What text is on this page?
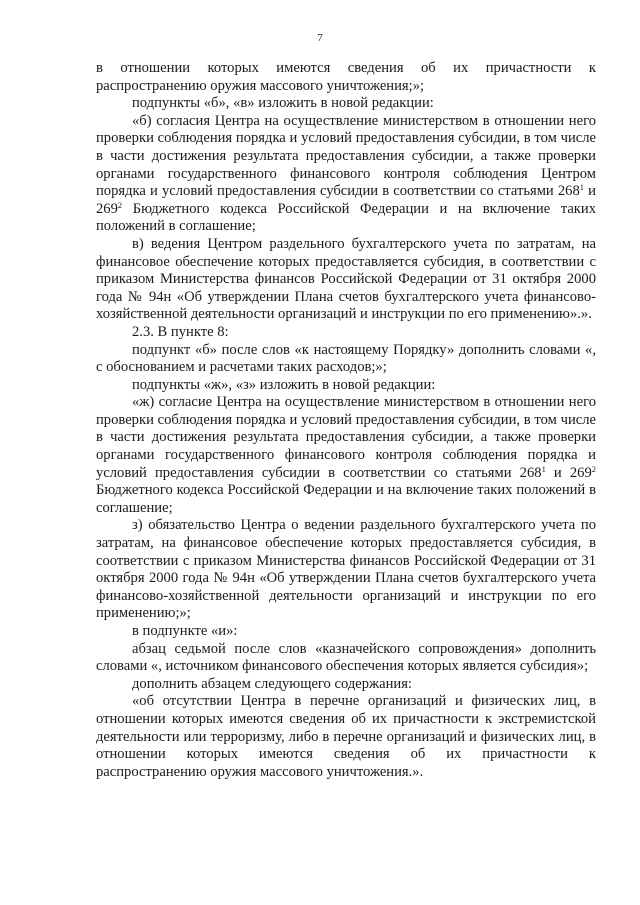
7

в отношении которых имеются сведения об их причастности к

распространению оружия массового уничтожения;»;

подпункты «б», «в» изложить в новой редакции:

«б) согласия Центра на осуществление министерством в отношении него проверки соблюдения порядка и условий предоставления субсидии, в том числе в части достижения результата предоставления субсидии, а также проверки органами государственного финансового контроля соблюдения Центром порядка и условий предоставления субсидии в соответствии со статьями $268^1$ и $269^2$ Бюджетного кодекса Российской Федерации и на включение таких положений в соглашение;

в) ведения Центром раздельного бухгалтерского учета по затратам, на финансовое обеспечение которых предоставляется субсидия, в соответствии с приказом Министерства финансов Российской Федерации от 31 октября 2000 года № 94н «Об утверждении Плана счетов бухгалтерского учета финансово-хозяйственной деятельности организаций и инструкции по его применению».».

2.3. В пункте 8:

подпункт «б» после слов «к настоящему Порядку» дополнить словами «, с обоснованием и расчетами таких расходов;»;

подпункты «ж», «з» изложить в новой редакции:

«ж) согласие Центра на осуществление министерством в отношении него проверки соблюдения порядка и условий предоставления субсидии, в том числе в части достижения результата предоставления субсидии, а также проверки органами государственного финансового контроля соблюдения порядка и условий предоставления субсидии в соответствии со статьями $268^1$ и $269^2$ Бюджетного кодекса Российской Федерации и на включение таких положений в соглашение;

з) обязательство Центра о ведении раздельного бухгалтерского учета по затратам, на финансовое обеспечение которых предоставляется субсидия, в соответствии с приказом Министерства финансов Российской Федерации от 31 октября 2000 года № 94н «Об утверждении Плана счетов бухгалтерского учета финансово-хозяйственной деятельности организаций и инструкции по его применению;»;

в подпункте «и»:

абзац седьмой после слов «казначейского сопровождения» дополнить словами «, источником финансового обеспечения которых является субсидия»;

дополнить абзацем следующего содержания:

«об отсутствии Центра в перечне организаций и физических лиц, в отношении которых имеются сведения об их причастности к экстремистской деятельности или терроризму, либо в перечне организаций и физических лиц, в отношении которых имеются сведения об их причастности к

распространению оружия массового уничтожения.».
